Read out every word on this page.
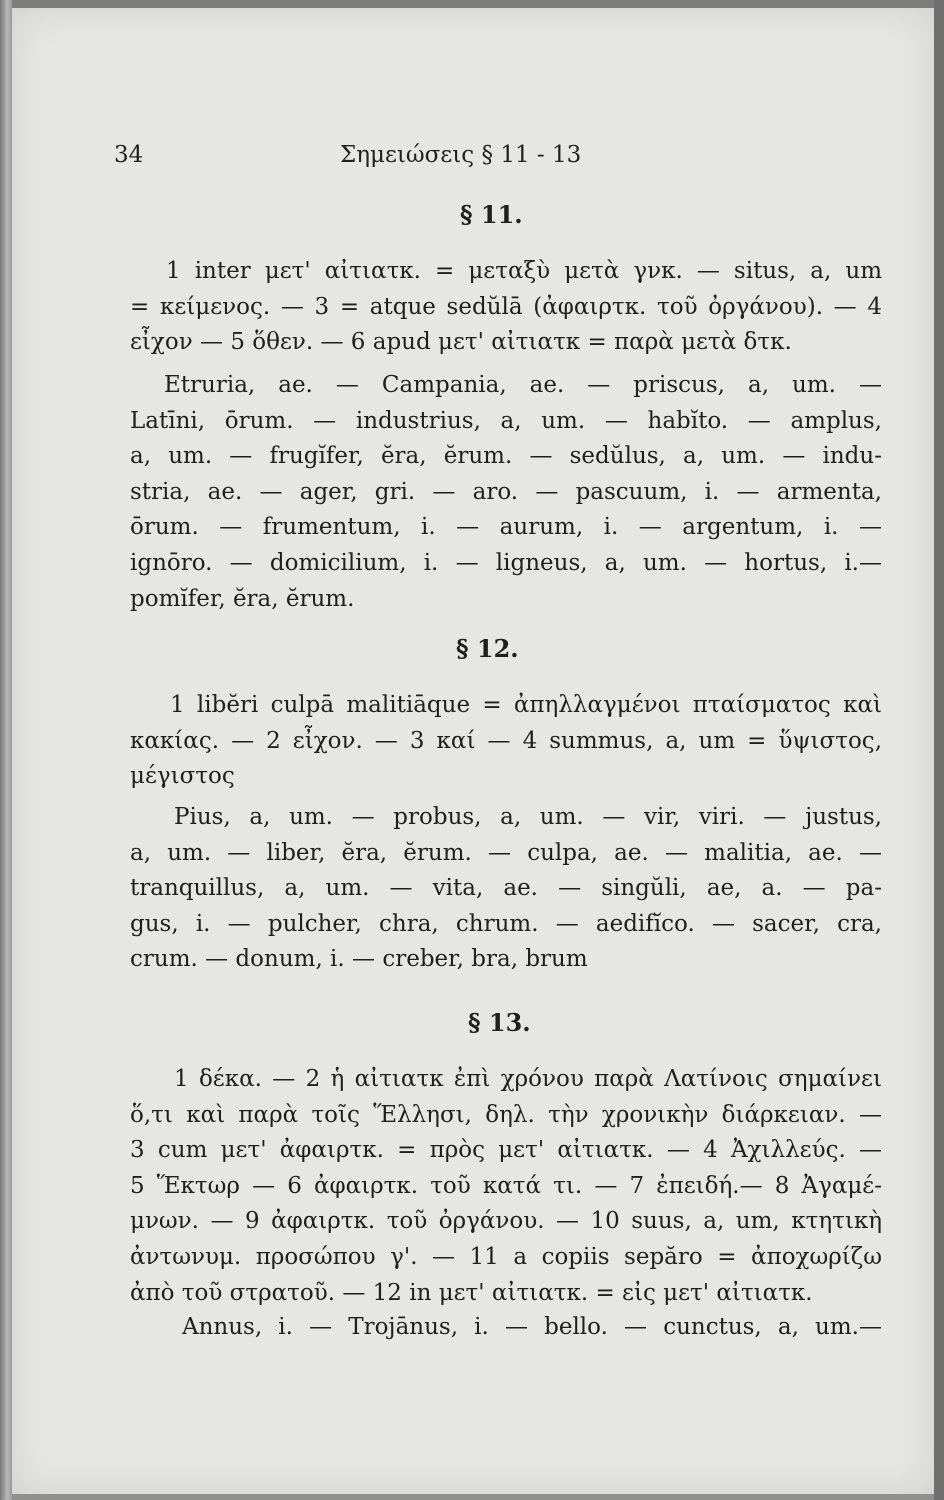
34	Σημειώσεις § 11 - 13
§ 11.
1 inter μετ' αἰτιατκ. = μεταξὺ μετὰ γνκ. — situs, a, um
= κείμενος. — 3 = atque sedŭlā (ἀφαιρτκ. τοῦ ὀργάνου). — 4
εἶχον — 5 ὅθεν. — 6 apud μετ' αἰτιατκ = παρὰ μετὰ δτκ.
Etruria, ae. — Campania, ae. — priscus, a, um. —
Latīni, ōrum. — industrius, a, um. — habĭto. — amplus,
a, um. — frugĭfer, ĕra, ĕrum. — sedŭlus, a, um. — indu-
stria, ae. — ager, gri. — aro. — pascuum, i. — armenta,
ōrum. — frumentum, i. — aurum, i. — argentum, i. —
ignōro. — domicilium, i. — ligneus, a, um. — hortus, i.—
pomĭfer, ĕra, ĕrum.
§ 12.
1 libĕri culpā malitiāque = ἀπηλλαγμένοι πταίσματος καὶ
κακίας. — 2 εἶχον. — 3 καί — 4 summus, a, um = ὕψιστος,
μέγιστος
Pius, a, um. — probus, a, um. — vir, viri. — justus,
a, um. — liber, ĕra, ĕrum. — culpa, ae. — malitia, ae. —
tranquillus, a, um. — vita, ae. — singŭli, ae, a. — pa-
gus, i. — pulcher, chra, chrum. — aedifĭco. — sacer, cra,
crum. — donum, i. — creber, bra, brum
§ 13.
1 δέκα. — 2 ἡ αἰτιατκ ἐπὶ χρόνου παρὰ Λατίνοις σημαίνει
ὅ,τι καὶ παρὰ τοῖς Ἕλλησι, δηλ. τὴν χρονικὴν διάρκειαν. —
3 cum μετ' ἀφαιρτκ. = πρὸς μετ' αἰτιατκ. — 4 Ἀχιλλεύς. —
5 Ἕκτωρ — 6 ἀφαιρτκ. τοῦ κατά τι. — 7 ἐπειδή.— 8 Ἀγαμέ-
μνων. — 9 ἀφαιρτκ. τοῦ ὀργάνου. — 10 suus, a, um, κτητικὴ
ἀντωνυμ. προσώπου γ'. — 11 a copiis sepăro = ἀποχωρίζω
ἀπὸ τοῦ στρατοῦ. — 12 in μετ' αἰτιατκ. = εἰς μετ' αἰτιατκ.
Annus, i. — Trojānus, i. — bello. — cunctus, a, um.—
